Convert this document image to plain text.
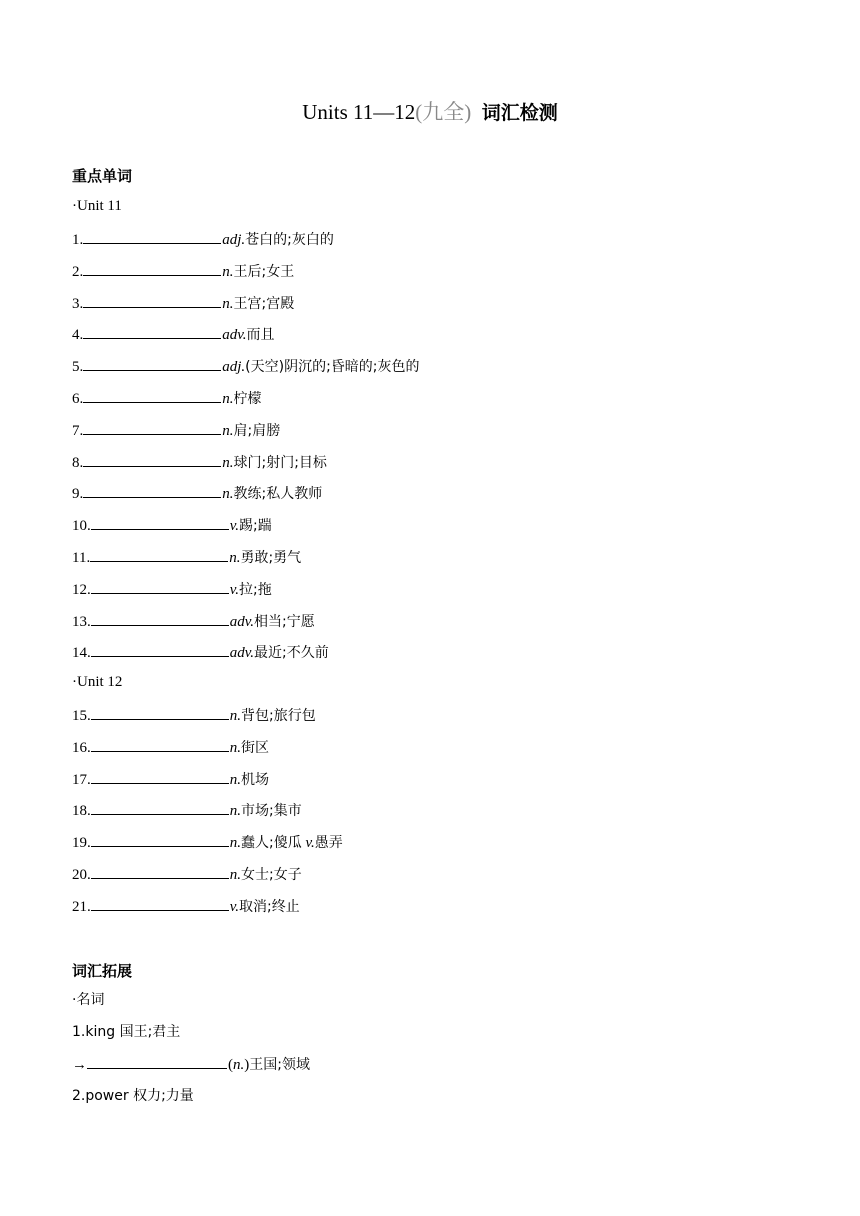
Units 11—12(九全) 词汇检测
重点单词
·Unit 11
1.	adj.苍白的;灰白的
2.	n.王后;女王
3.	n.王宫;宫殿
4.	adv.而且
5.	adj.(天空)阴沉的;昏暗的;灰色的
6.	n.柠檬
7.	n.肩;肩膀
8.	n.球门;射门;目标
9.	n.教练;私人教师
10.	v.踢;踹
11.	n.勇敢;勇气
12.	v.拉;拖
13.	adv.相当;宁愿
14.	adv.最近;不久前
15.	n.背包;旅行包
16.	n.街区
17.	n.机场
18.	n.市场;集市
19.	n.蠢人;傻瓜 v.愚弄
20.	n.女士;女子
21.	v.取消;终止
·Unit 12
词汇拓展
·名词
1.king 国王;君主
→	(n.)王国;领域
2.power 权力;力量
